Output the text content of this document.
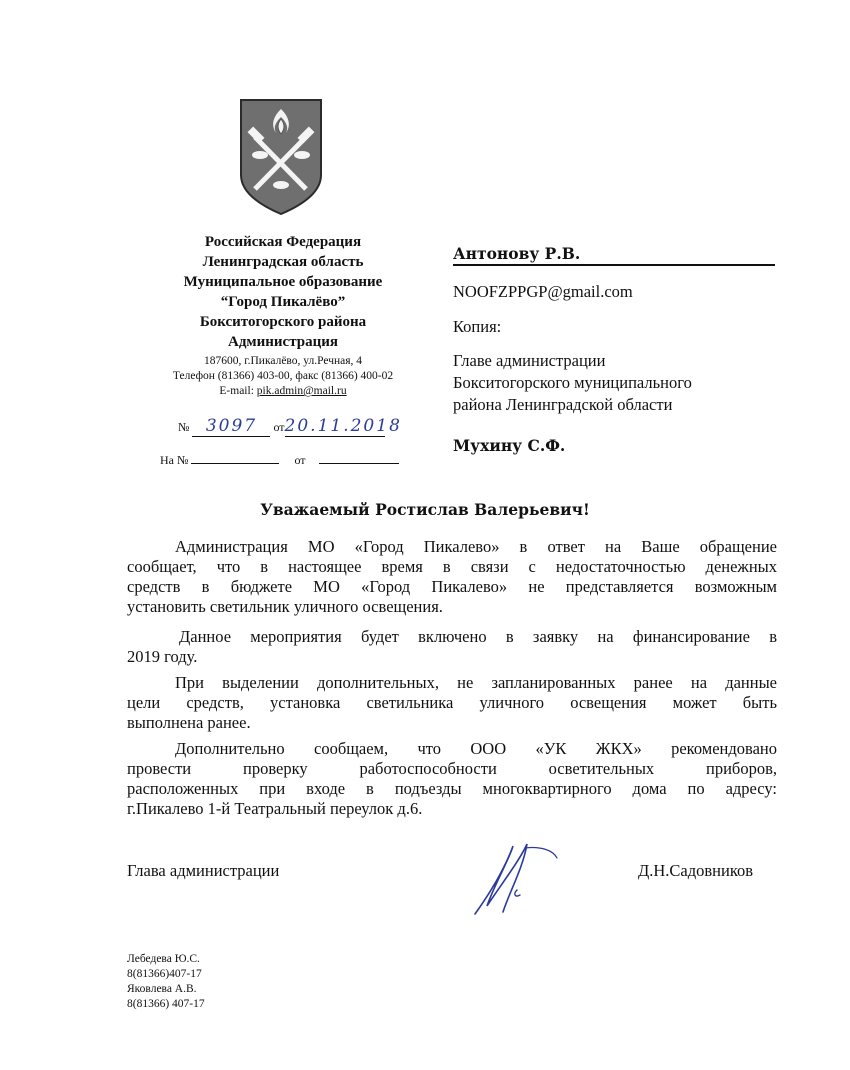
Российская Федерация
Ленинградская область
Муниципальное образование
“Город Пикалёво”
Бокситогорского района
Администрация
187600, г.Пикалёво, ул.Речная, 4
Телефон (81366) 403-00, факс (81366) 400-02
E-mail: pik.admin@mail.ru
№ 3097 от20.11.2018
На №	от
Антонову Р.В.
NOOFZPPGP@gmail.com
Копия:
Главе администрации
Бокситогорского муниципального
района Ленинградской области
Мухину С.Ф.
Уважаемый Ростислав Валерьевич!
Администрация МО «Город Пикалево» в ответ на Ваше обращение
сообщает, что в настоящее время в связи с недостаточностью денежных
средств в бюджете МО «Город Пикалево» не представляется возможным
установить светильник уличного освещения.
Данное мероприятия будет включено в заявку на финансирование в
2019 году.
При выделении дополнительных, не запланированных ранее на данные
цели средств, установка светильника уличного освещения может быть
выполнена ранее.
Дополнительно сообщаем, что ООО «УК ЖКХ» рекомендовано
провести проверку работоспособности осветительных приборов,
расположенных при входе в подъезды многоквартирного дома по адресу:
г.Пикалево 1-й Театральный переулок д.6.
Глава администрации	Д.Н.Садовников
Лебедева Ю.С.
8(81366)407-17
Яковлева А.В.
8(81366) 407-17
